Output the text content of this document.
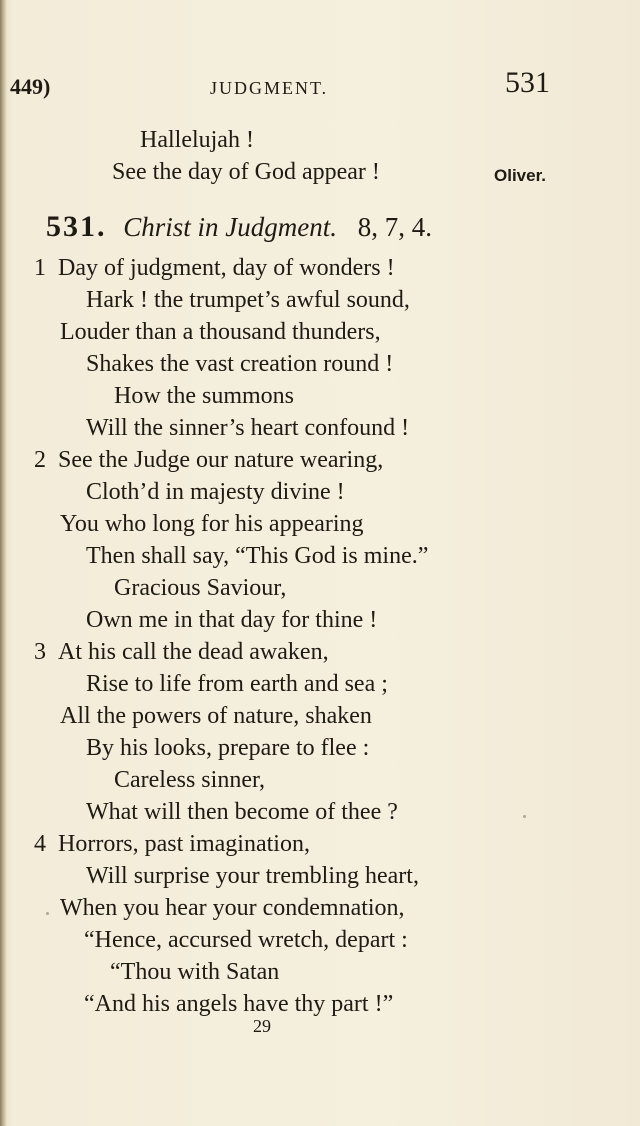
449)	JUDGMENT.	531
Hallelujah !
See the day of God appear !	Oliver.
531. Christ in Judgment. 8, 7, 4.
1 Day of judgment, day of wonders !
Hark ! the trumpet’s awful sound,
Louder than a thousand thunders,
Shakes the vast creation round !
How the summons
Will the sinner’s heart confound !
2 See the Judge our nature wearing,
Cloth’d in majesty divine !
You who long for his appearing
Then shall say, “This God is mine.”
Gracious Saviour,
Own me in that day for thine !
3 At his call the dead awaken,
Rise to life from earth and sea ;
All the powers of nature, shaken
By his looks, prepare to flee :
Careless sinner,
What will then become of thee ?
4 Horrors, past imagination,
Will surprise your trembling heart,
When you hear your condemnation,
“Hence, accursed wretch, depart :
“Thou with Satan
“And his angels have thy part !”
29
